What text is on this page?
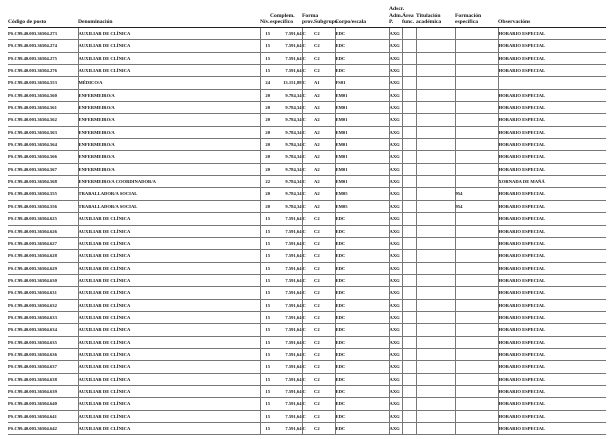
Código de posto	Denominación	Nív.	Complem. específico	Forma prov.	Subgrupo	Corpo/escala	Adscr. Adm. P.	Área func.	Titulación académica	Formación específica	Observacións
PS.C99.40.003.36504.273	AUXILIAR DE CLÍNICA	15	7.591,64	C	C2	EDC	AXG				HORARIO ESPECIAL
PS.C99.40.003.36504.274	AUXILIAR DE CLÍNICA	15	7.591,64	C	C2	EDC	AXG				HORARIO ESPECIAL
PS.C99.40.003.36504.275	AUXILIAR DE CLÍNICA	15	7.591,64	C	C2	EDC	AXG				HORARIO ESPECIAL
PS.C99.40.003.36504.276	AUXILIAR DE CLÍNICA	15	7.591,64	C	C2	EDC	AXG				HORARIO ESPECIAL
PS.C99.40.003.36504.553	MÉDICO/A	24	13.151,88	C	A1	FS01	AXG				
PS.C99.40.003.36504.560	ENFERMEIRO/A	20	9.784,34	C	A2	EM01	AXG				HORARIO ESPECIAL
PS.C99.40.003.36504.561	ENFERMEIRO/A	20	9.784,34	C	A2	EM01	AXG				HORARIO ESPECIAL
PS.C99.40.003.36504.562	ENFERMEIRO/A	20	9.784,34	C	A2	EM01	AXG				HORARIO ESPECIAL
PS.C99.40.003.36504.563	ENFERMEIRO/A	20	9.784,34	C	A2	EM01	AXG				HORARIO ESPECIAL
PS.C99.40.003.36504.564	ENFERMEIRO/A	20	9.784,34	C	A2	EM01	AXG				HORARIO ESPECIAL
PS.C99.40.003.36504.566	ENFERMEIRO/A	20	9.784,34	C	A2	EM01	AXG				HORARIO ESPECIAL
PS.C99.40.003.36504.567	ENFERMEIRO/A	20	9.784,34	C	A2	EM01	AXG				HORARIO ESPECIAL
PS.C99.40.003.36504.568	ENFERMEIRO/A COORDINADOR/A	22	9.784,34	C	A2	EM01	AXG				XORNADA DE MAÑÁ
PS.C99.40.003.36504.555	TRABALLADOR/A SOCIAL	20	9.784,34	C	A2	EM05	AXG			954	HORARIO ESPECIAL
PS.C99.40.003.36504.556	TRABALLADOR/A SOCIAL	20	9.784,34	C	A2	EM05	AXG			954	HORARIO ESPECIAL
PS.C99.40.003.36504.625	AUXILIAR DE CLÍNICA	15	7.591,64	C	C2	EDC	AXG				HORARIO ESPECIAL
PS.C99.40.003.36504.626	AUXILIAR DE CLÍNICA	15	7.591,64	C	C2	EDC	AXG				HORARIO ESPECIAL
PS.C99.40.003.36504.627	AUXILIAR DE CLÍNICA	15	7.591,64	C	C2	EDC	AXG				HORARIO ESPECIAL
PS.C99.40.003.36504.628	AUXILIAR DE CLÍNICA	15	7.591,64	C	C2	EDC	AXG				HORARIO ESPECIAL
PS.C99.40.003.36504.629	AUXILIAR DE CLÍNICA	15	7.591,64	C	C2	EDC	AXG				HORARIO ESPECIAL
PS.C99.40.003.36504.630	AUXILIAR DE CLÍNICA	15	7.591,64	C	C2	EDC	AXG				HORARIO ESPECIAL
PS.C99.40.003.36504.631	AUXILIAR DE CLÍNICA	15	7.591,64	C	C2	EDC	AXG				HORARIO ESPECIAL
PS.C99.40.003.36504.632	AUXILIAR DE CLÍNICA	15	7.591,64	C	C2	EDC	AXG				HORARIO ESPECIAL
PS.C99.40.003.36504.633	AUXILIAR DE CLÍNICA	15	7.591,64	C	C2	EDC	AXG				HORARIO ESPECIAL
PS.C99.40.003.36504.634	AUXILIAR DE CLÍNICA	15	7.591,64	C	C2	EDC	AXG				HORARIO ESPECIAL
PS.C99.40.003.36504.635	AUXILIAR DE CLÍNICA	15	7.591,64	C	C2	EDC	AXG				HORARIO ESPECIAL
PS.C99.40.003.36504.636	AUXILIAR DE CLÍNICA	15	7.591,64	C	C2	EDC	AXG				HORARIO ESPECIAL
PS.C99.40.003.36504.637	AUXILIAR DE CLÍNICA	15	7.591,64	C	C2	EDC	AXG				HORARIO ESPECIAL
PS.C99.40.003.36504.638	AUXILIAR DE CLÍNICA	15	7.591,64	C	C2	EDC	AXG				HORARIO ESPECIAL
PS.C99.40.003.36504.639	AUXILIAR DE CLÍNICA	15	7.591,64	C	C2	EDC	AXG				HORARIO ESPECIAL
PS.C99.40.003.36504.640	AUXILIAR DE CLÍNICA	15	7.591,64	C	C2	EDC	AXG				HORARIO ESPECIAL
PS.C99.40.003.36504.641	AUXILIAR DE CLÍNICA	15	7.591,64	C	C2	EDC	AXG				HORARIO ESPECIAL
PS.C99.40.003.36504.642	AUXILIAR DE CLÍNICA	15	7.591,64	C	C2	EDC	AXG				HORARIO ESPECIAL
